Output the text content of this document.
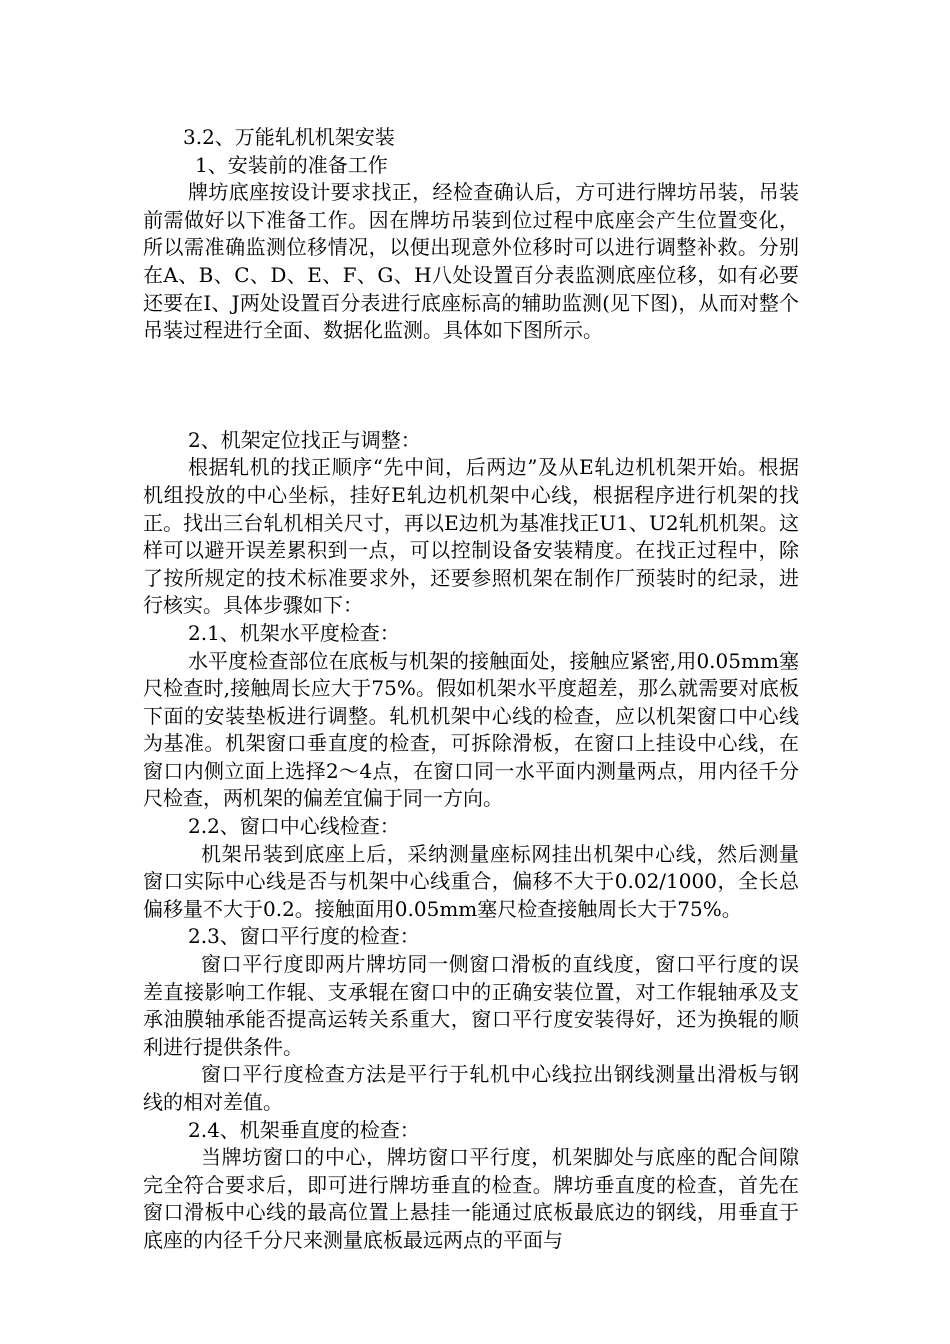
3.2、万能轧机机架安装

1、安装前的准备工作

牌坊底座按设计要求找正，经检查确认后，方可进行牌坊吊装，吊装前需做好以下准备工作。因在牌坊吊装到位过程中底座会产生位置变化，所以需准确监测位移情况，以便出现意外位移时可以进行调整补救。分别在A、B、C、D、E、F、G、H八处设置百分表监测底座位移，如有必要还要在I、J两处设置百分表进行底座标高的辅助监测(见下图)，从而对整个吊装过程进行全面、数据化监测。具体如下图所示。

2、机架定位找正与调整：

根据轧机的找正顺序“先中间，后两边”及从E轧边机机架开始。根据机组投放的中心坐标，挂好E轧边机机架中心线，根据程序进行机架的找正。找出三台轧机相关尺寸，再以E边机为基准找正U1、U2轧机机架。这样可以避开误差累积到一点，可以控制设备安装精度。在找正过程中，除了按所规定的技术标准要求外，还要参照机架在制作厂预装时的纪录，进行核实。具体步骤如下：

2.1、机架水平度检查：

水平度检查部位在底板与机架的接触面处，接触应紧密,用0.05mm塞尺检查时,接触周长应大于75%。假如机架水平度超差，那么就需要对底板下面的安装垫板进行调整。轧机机架中心线的检查，应以机架窗口中心线为基准。机架窗口垂直度的检查，可拆除滑板，在窗口上挂设中心线，在窗口内侧立面上选择2～4点，在窗口同一水平面内测量两点，用内径千分尺检查，两机架的偏差宜偏于同一方向。

2.2、窗口中心线检查：

机架吊装到底座上后，采纳测量座标网挂出机架中心线，然后测量窗口实际中心线是否与机架中心线重合，偏移不大于0.02/1000，全长总偏移量不大于0.2。接触面用0.05mm塞尺检查接触周长大于75%。

2.3、窗口平行度的检查：

窗口平行度即两片牌坊同一侧窗口滑板的直线度，窗口平行度的误差直接影响工作辊、支承辊在窗口中的正确安装位置，对工作辊轴承及支承油膜轴承能否提高运转关系重大，窗口平行度安装得好，还为换辊的顺利进行提供条件。

窗口平行度检查方法是平行于轧机中心线拉出钢线测量出滑板与钢线的相对差值。

2.4、机架垂直度的检查：

当牌坊窗口的中心，牌坊窗口平行度，机架脚处与底座的配合间隙完全符合要求后，即可进行牌坊垂直的检查。牌坊垂直度的检查，首先在窗口滑板中心线的最高位置上悬挂一能通过底板最底边的钢线，用垂直于底座的内径千分尺来测量底板最远两点的平面与
